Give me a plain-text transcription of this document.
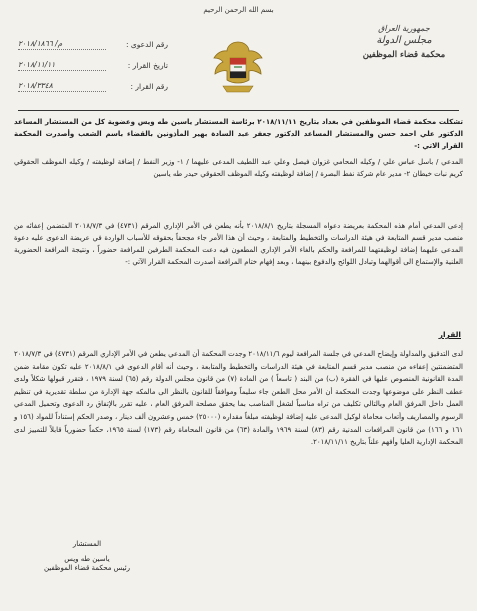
بسم الله الرحمن الرحيم
جمهورية العراق
مجلس الدولة
محكمة قضاء الموظفين
رقم الدعوى :
م/ ٢٠١٨/١٨٦٦
تاريخ القرار :
٢٠١٨/١١/١١
رقم القرار :
٢٠١٨/٣٣٤٨
تشكلت محكمة قضاء الموظفين في بغداد بتاريخ ٢٠١٨/١١/١١ برئاسة المستشار ياسين طه ويس وعضوية كل من المستشار المساعد الدكتور علي احمد حسن والمستشار المساعد الدكتور جعفر عبد السادة بهير المأذونين بالقضاء باسم الشعب وأصدرت المحكمة القرار الاتي :-
المدعي / باسل عباس علي / وكيله المحامي غزوان فيصل وعلي عبد اللطيف المدعى عليهما / ١- وزير النفط / إضافة لوظيفته / وكيله الموظف الحقوقي كريم نبات خيطان ٢- مدير عام شركة نفط البصرة / إضافة لوظيفته وكيله الموظف الحقوقي حيدر طه ياسين
إدعى المدعي أمام هذه المحكمة بعريضة دعواه المسجلة بتاريخ ٢٠١٨/٨/١ بأنه يطعن في الأمر الإداري المرقم (٤٧٣١) في ٢٠١٨/٧/٣ المتضمن إعفائه من منصب مدير قسم المتابعة في هيئة الدراسات والتخطيط والمتابعة ، وحيث أن هذا الأمر جاء مجحفاً بحقوقه للأسباب الواردة في عريضة الدعوى عليه دعوة المدعى عليهما إضافة لوظيفتهما للمرافعة والحكم بالغاء الأمر الإداري المطعون فيه دعت المحكمة الطرفين للمرافعة حضوراً ، ونتيجة المرافعة الحضورية العلنية والإستماع الى أقوالهما وتبادل اللوائح والدفوع بينهما ، وبعد إفهام ختام المرافعة أصدرت المحكمة القرار الآتي :-
القرار
لدى التدقيق والمداولة وإيضاح المدعي في جلسة المرافعة ليوم ٢٠١٨/١١/٦ وجدت المحكمة أن المدعي يطعن في الأمر الإداري المرقم (٤٧٣١) في ٢٠١٨/٧/٣ المتضمنتين إعفاءه من منصب مدير قسم المتابعة في هيئة الدراسات والتخطيط والمتابعة ، وحيث أنه أقام الدعوى في ٢٠١٨/٨/١ عليه تكون مقامة ضمن المدة القانونية المنصوص عليها في الفقرة (ب) من البند ( تاسعاً ) من المادة (٧) من قانون مجلس الدولة رقم (٦٥) لسنة ١٩٧٩ ، فتقرر قبولها شكلاً ولدى عطف النظر على موضوعها وجدت المحكمة أن الأمر محل الطعن جاء سليماً وموافقاً للقانون بالنظر الى مالمكه جهة الإدارة من سلطة تقديرية في تنظيم العمل داخل المرفق العام وبالتالي تكليف من تراه مناسباً لشغل المناصب بما يحقق مصلحة المرفق العام ، عليه تقرر بالإتفاق رد الدعوى وتحميل المدعي الرسوم والمصاريف وأتعاب محاماة لوكيل المدعى عليه إضافة لوظيفته مبلغاً مقداره (٢٥٠٠٠) خمس وعشرون ألف دينار ، وصدر الحكم إستناداً للمواد (١٥٦ و ١٦١ و ١٦٦) من قانون المرافعات المدنية رقم (٨٣) لسنة ١٩٦٩ والمادة (٦٣) من قانون المحاماة رقم (١٧٣) لسنة ١٩٦٥، حكماً حضورياً قابلاً للتمييز لدى المحكمة الإدارية العليا وأفهم علناً بتاريخ ٢٠١٨/١١/١١.
المستشار
ياسين طه ويس
رئيس محكمة قضاء الموظفين
